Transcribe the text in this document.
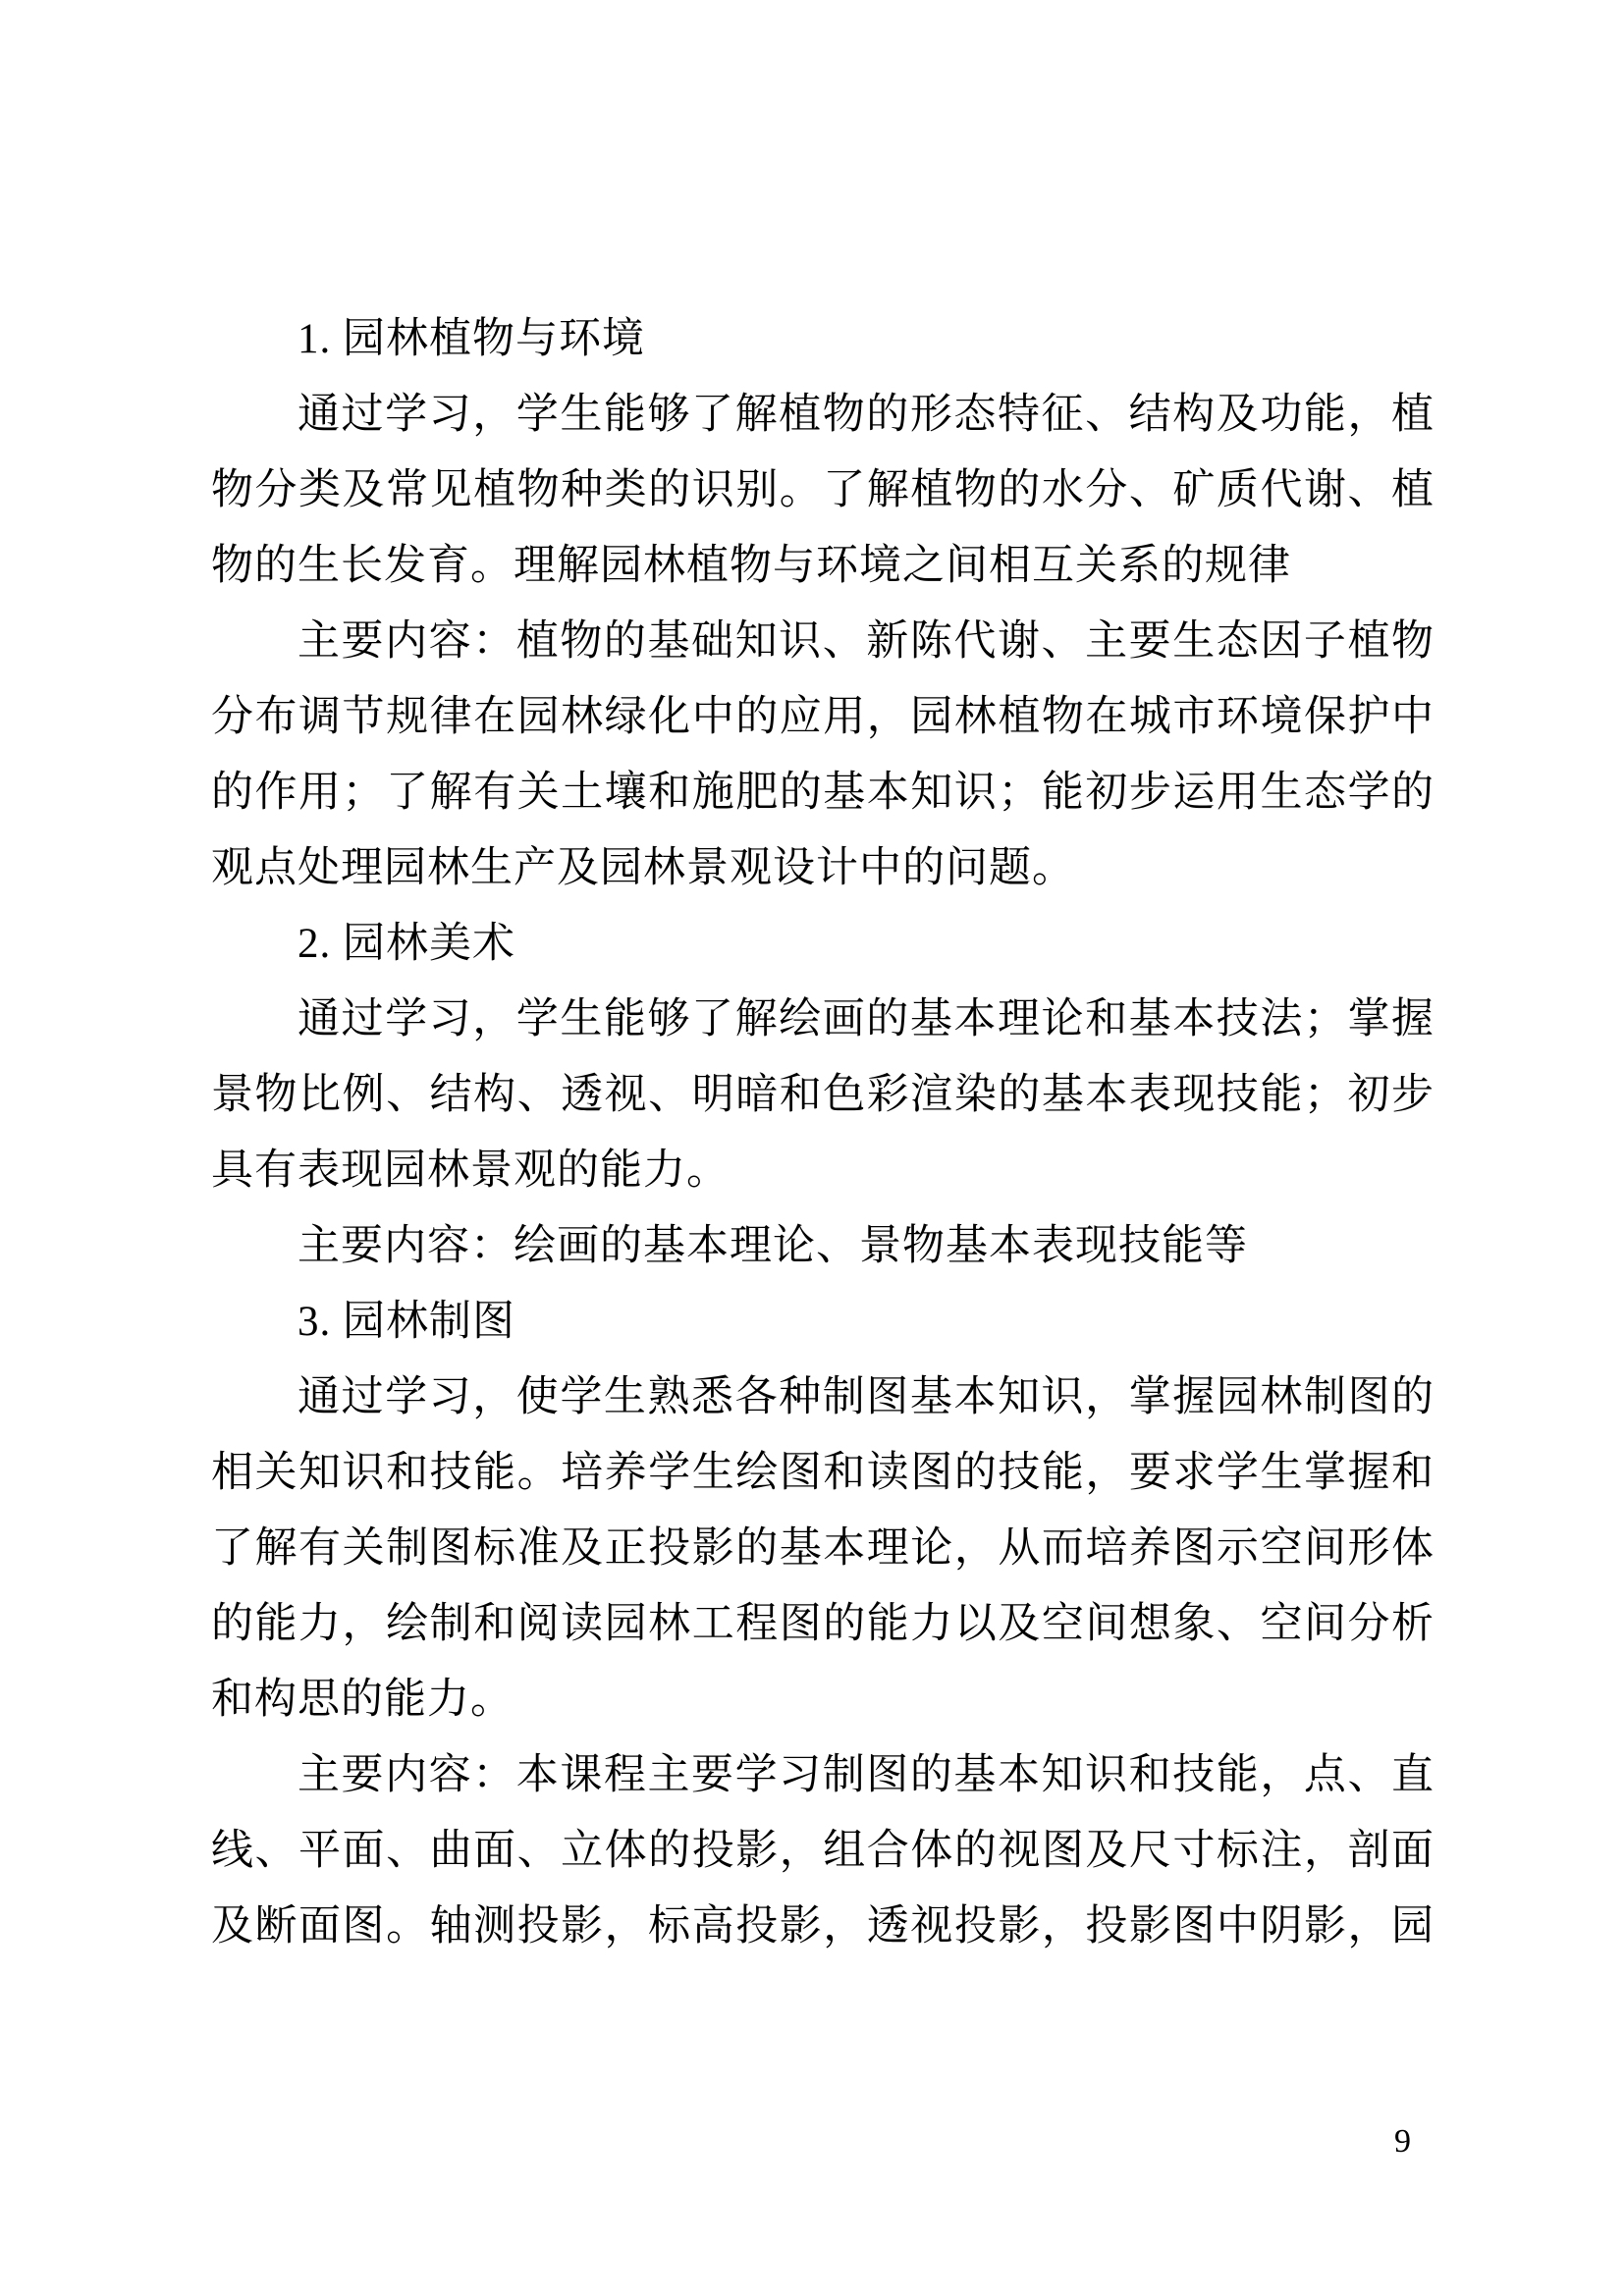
1. 园林植物与环境
通过学习，学生能够了解植物的形态特征、结构及功能，植
物分类及常见植物种类的识别。了解植物的水分、矿质代谢、植
物的生长发育。理解园林植物与环境之间相互关系的规律
主要内容：植物的基础知识、新陈代谢、主要生态因子植物
分布调节规律在园林绿化中的应用，园林植物在城市环境保护中
的作用；了解有关土壤和施肥的基本知识；能初步运用生态学的
观点处理园林生产及园林景观设计中的问题。
2. 园林美术
通过学习，学生能够了解绘画的基本理论和基本技法；掌握
景物比例、结构、透视、明暗和色彩渲染的基本表现技能；初步
具有表现园林景观的能力。
主要内容：绘画的基本理论、景物基本表现技能等
3. 园林制图
通过学习，使学生熟悉各种制图基本知识，掌握园林制图的
相关知识和技能。培养学生绘图和读图的技能，要求学生掌握和
了解有关制图标准及正投影的基本理论，从而培养图示空间形体
的能力，绘制和阅读园林工程图的能力以及空间想象、空间分析
和构思的能力。
主要内容：本课程主要学习制图的基本知识和技能，点、直
线、平面、曲面、立体的投影，组合体的视图及尺寸标注，剖面
及断面图。轴测投影，标高投影，透视投影，投影图中阴影，园
9
